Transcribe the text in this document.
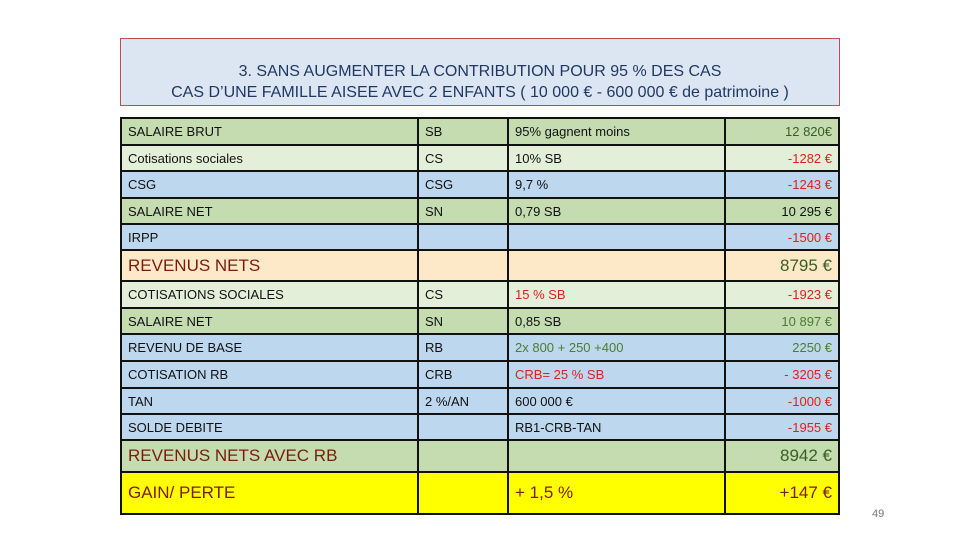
3. SANS AUGMENTER LA CONTRIBUTION POUR 95 % DES CAS
CAS D’UNE FAMILLE AISEE AVEC 2 ENFANTS ( 10 000 € - 600 000 € de patrimoine )
SALAIRE BRUT	SB	95% gagnent moins	12 820€
Cotisations sociales	CS	10% SB	-1282 €
CSG	CSG	9,7 %	-1243 €
SALAIRE NET	SN	0,79 SB	10 295 €
IRPP			-1500 €
REVENUS NETS			8795 €
COTISATIONS SOCIALES	CS	15 % SB	-1923 €
SALAIRE NET	SN	0,85 SB	10 897 €
REVENU DE BASE	RB	2x 800 + 250 +400	2250 €
COTISATION RB	CRB	CRB= 25 % SB	- 3205 €
TAN	2 %/AN	600 000 €	-1000 €
SOLDE DEBITE		RB1-CRB-TAN	-1955 €
REVENUS NETS AVEC RB			8942 €
GAIN/ PERTE		+ 1,5 %	+147 €
49
